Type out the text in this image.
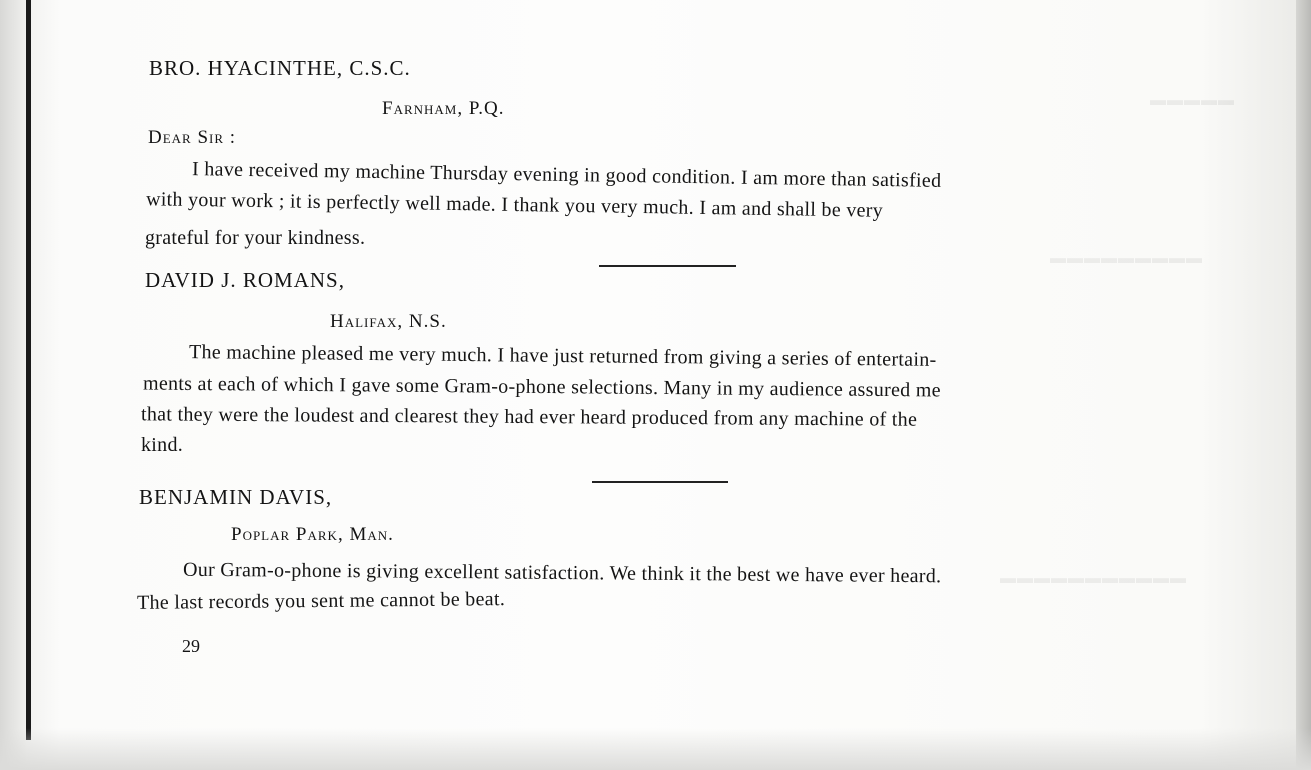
▬▬▬▬▬
▬▬▬▬▬▬▬▬▬
▬▬▬▬▬▬▬▬▬▬▬
BRO. HYACINTHE, C.S.C.
Farnham, P.Q.
Dear Sir :
I have received my machine Thursday evening in good condition. I am more than satisfied
with your work ; it is perfectly well made. I thank you very much. I am and shall be very
grateful for your kindness.
DAVID J. ROMANS,
Halifax, N.S.
The machine pleased me very much. I have just returned from giving a series of entertain-
ments at each of which I gave some Gram-o-phone selections. Many in my audience assured me
that they were the loudest and clearest they had ever heard produced from any machine of the
kind.
BENJAMIN DAVIS,
Poplar Park, Man.
Our Gram-o-phone is giving excellent satisfaction. We think it the best we have ever heard.
The last records you sent me cannot be beat.
29
